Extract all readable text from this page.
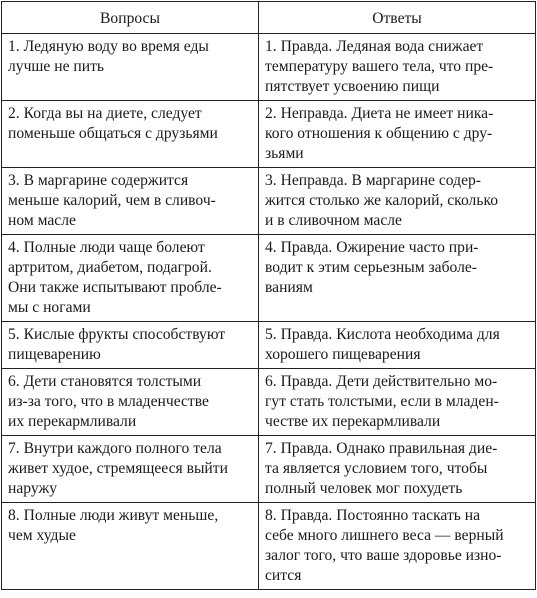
Вопросы	Ответы

1. Ледяную воду во время еды
лучше не пить	1. Правда. Ледяная вода снижает
температуру вашего тела, что пре-
пятствует усвоению пищи

2. Когда вы на диете, следует
поменьше общаться с друзьями	2. Неправда. Диета не имеет ника-
кого отношения к общению с дру-
зьями

3. В маргарине содержится
меньше калорий, чем в сливоч-
ном масле	3. Неправда. В маргарине содер-
жится столько же калорий, сколько
и в сливочном масле

4. Полные люди чаще болеют
артритом, диабетом, подагрой.
Они также испытывают пробле-
мы с ногами	4. Правда. Ожирение часто при-
водит к этим серьезным заболе-
ваниям

5. Кислые фрукты способствуют
пищеварению	5. Правда. Кислота необходима для
хорошего пищеварения

6. Дети становятся толстыми
из-за того, что в младенчестве
их перекармливали	6. Правда. Дети действительно мо-
гут стать толстыми, если в младен-
честве их перекармливали

7. Внутри каждого полного тела
живет худое, стремящееся выйти
наружу	7. Правда. Однако правильная дие-
та является условием того, чтобы
полный человек мог похудеть

8. Полные люди живут меньше,
чем худые	8. Правда. Постоянно таскать на
себе много лишнего веса — верный
залог того, что ваше здоровье изно-
сится
